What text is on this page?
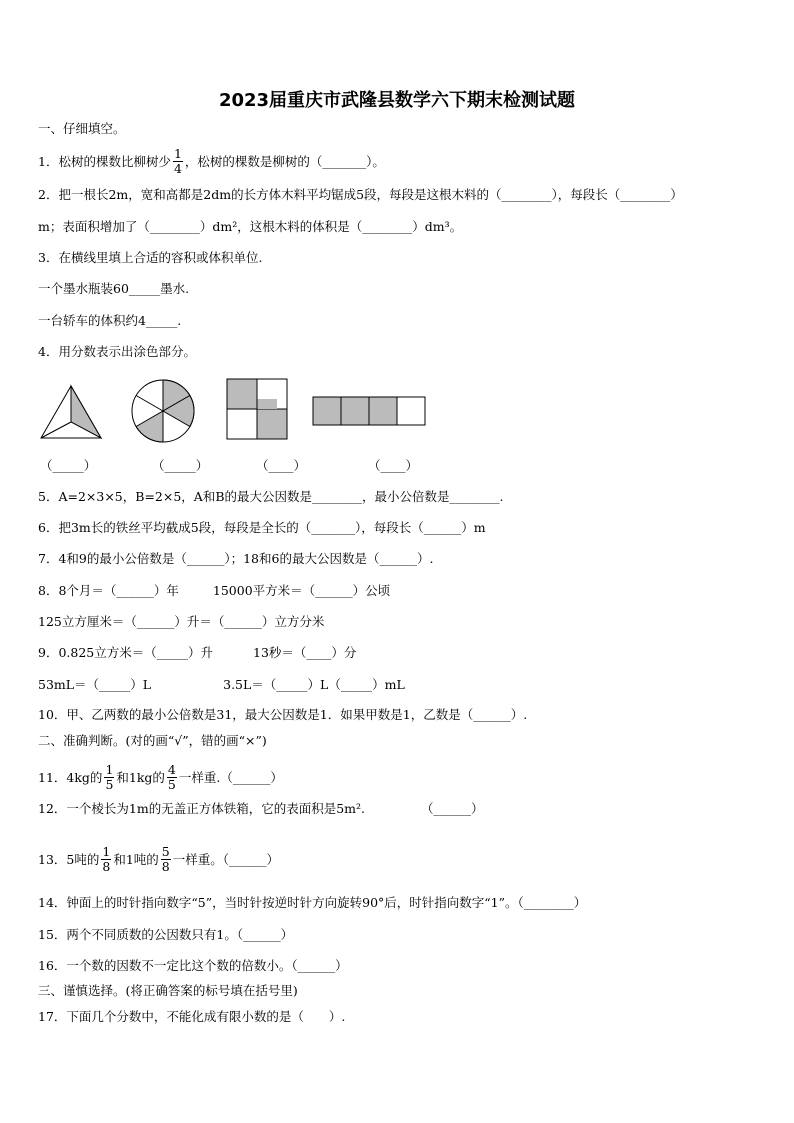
2023届重庆市武隆县数学六下期末检测试题
一、仔细填空。
1．松树的棵数比柳树少 $\frac{1}{4}$ ，松树的棵数是柳树的（_______）。
2．把一根长2m，宽和高都是2dm的长方体木料平均锯成5段，每段是这根木料的（________），每段长（________）
m；表面积增加了（________）dm²，这根木料的体积是（________）dm³。
3．在横线里填上合适的容积或体积单位.
一个墨水瓶装60_____墨水.
一台轿车的体积约4_____.
4．用分数表示出涂色部分。
（_____）	（_____）	（____）	（____）
5．A=2×3×5，B=2×5，A和B的最大公因数是________，最小公倍数是________.
6．把3m长的铁丝平均截成5段，每段是全长的（_______），每段长（______）m
7．4和9的最小公倍数是（______）；18和6的最大公因数是（______）.
8．8个月＝（______）年	15000平方米＝（______）公顷
125立方厘米＝（______）升＝（______）立方分米
9．0.825立方米＝（_____）升	13秒＝（____）分
53mL＝（_____）L	3.5L＝（_____）L（_____）mL
10．甲、乙两数的最小公倍数是31，最大公因数是1．如果甲数是1，乙数是（______）.
二、准确判断。(对的画“√”，错的画“×”)
11．4kg的 $\frac{1}{5}$ 和1kg的 $\frac{4}{5}$ 一样重.（______）
12．一个棱长为1m的无盖正方体铁箱，它的表面积是5m².	（______）
13．5吨的 $\frac{1}{8}$ 和1吨的 $\frac{5}{8}$ 一样重。（______）
14．钟面上的时针指向数字“5”，当时针按逆时针方向旋转90°后，时针指向数字“1”。（________）
15．两个不同质数的公因数只有1。（______）
16．一个数的因数不一定比这个数的倍数小。（______）
三、谨慎选择。(将正确答案的标号填在括号里)
17．下面几个分数中，不能化成有限小数的是（　　）.
